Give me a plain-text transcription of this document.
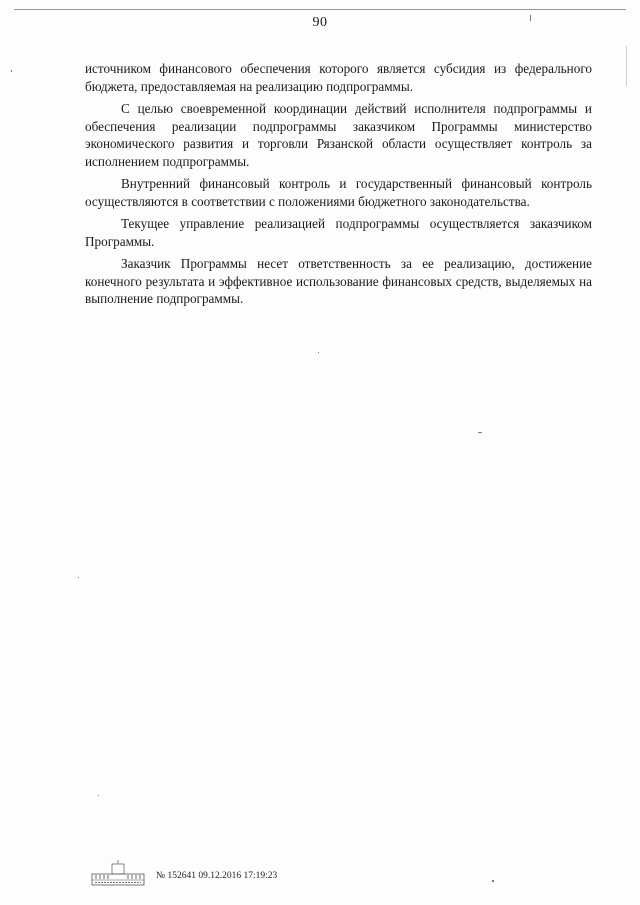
90

источником финансового обеспечения которого является субсидия из федерального бюджета, предоставляемая на реализацию подпрограммы.

С целью своевременной координации действий исполнителя подпрограммы и обеспечения реализации подпрограммы заказчиком Программы министерство экономического развития и торговли Рязанской области осуществляет контроль за исполнением подпрограммы.

Внутренний финансовый контроль и государственный финансовый контроль осуществляются в соответствии с положениями бюджетного законодательства.

Текущее управление реализацией подпрограммы осуществляется заказчиком Программы.

Заказчик Программы несет ответственность за ее реализацию, достижение конечного результата и эффективное использование финансовых средств, выделяемых на выполнение подпрограммы.

№ 152641 09.12.2016 17:19:23
